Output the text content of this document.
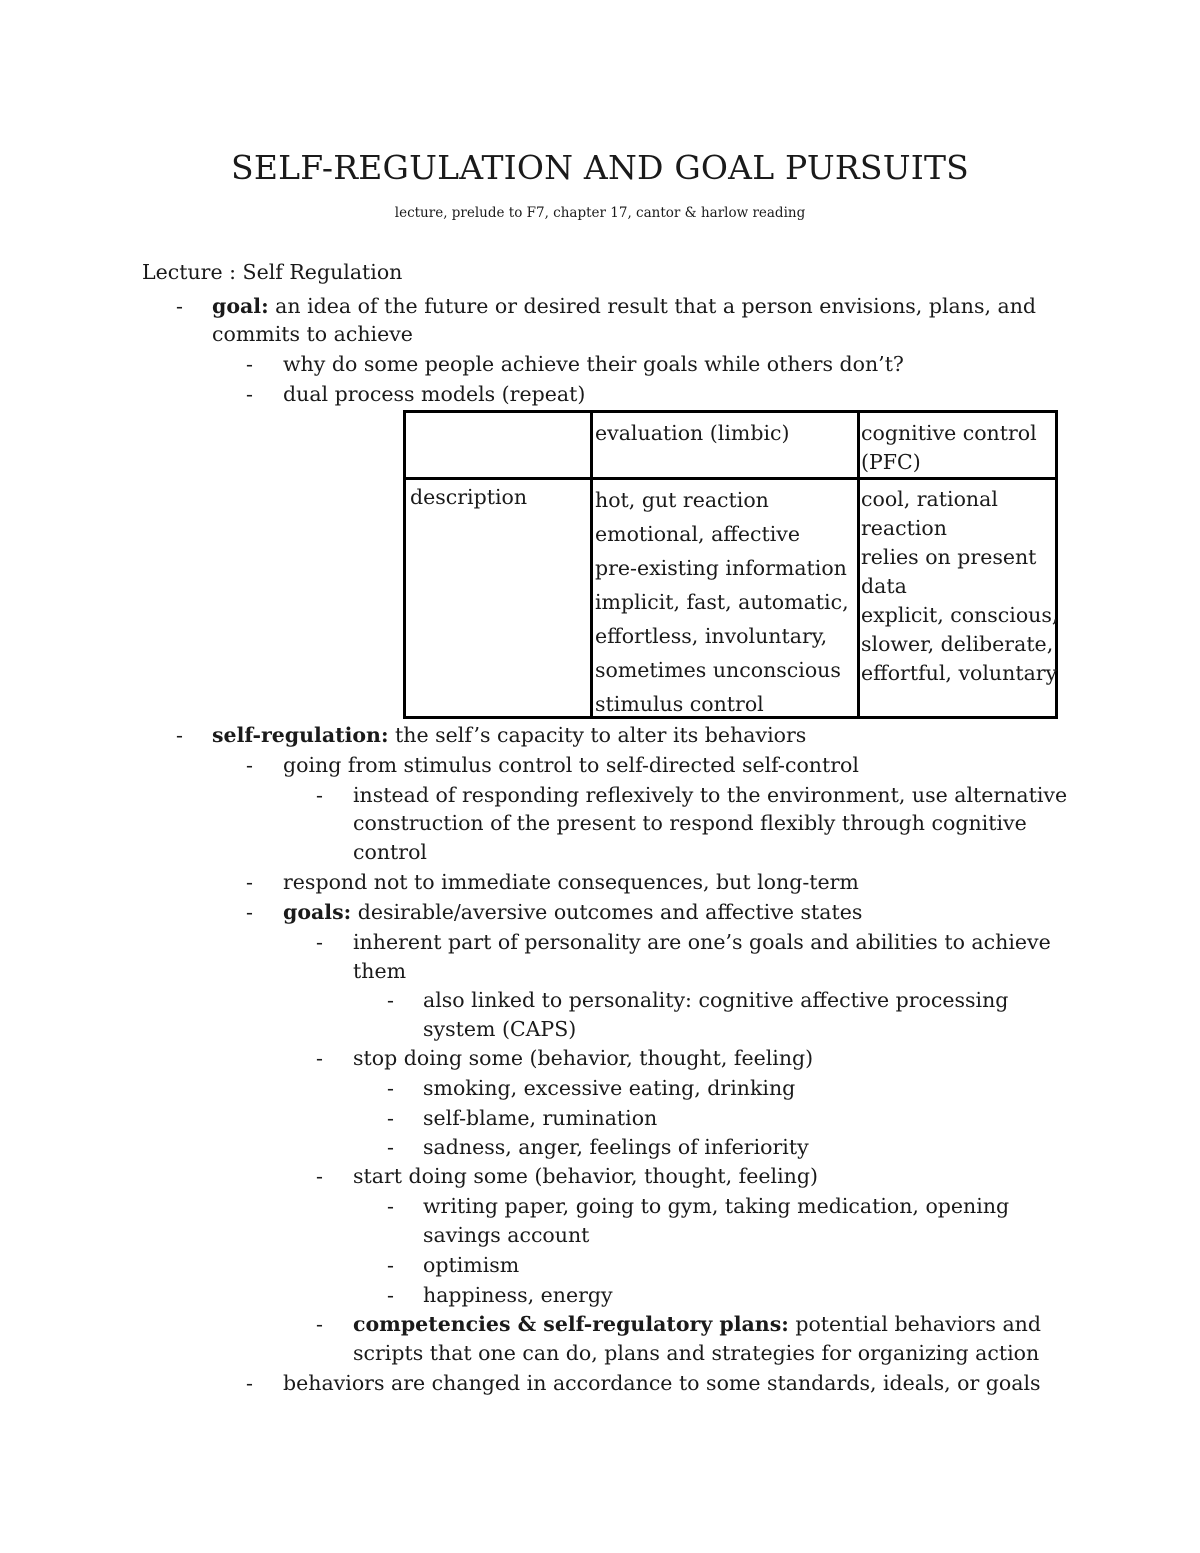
SELF-REGULATION AND GOAL PURSUITS
lecture, prelude to F7, chapter 17, cantor & harlow reading
Lecture : Self Regulation
- goal: an idea of the future or desired result that a person envisions, plans, and
commits to achieve
- why do some people achieve their goals while others don’t?
- dual process models (repeat)
evaluation (limbic)	cognitive control
(PFC)
description	hot, gut reaction
emotional, affective
pre-existing information
implicit, fast, automatic,
effortless, involuntary,
sometimes unconscious
stimulus control
cool, rational
reaction
relies on present
data
explicit, conscious,
slower, deliberate,
effortful, voluntary
- self-regulation: the self’s capacity to alter its behaviors
- going from stimulus control to self-directed self-control
- instead of responding reflexively to the environment, use alternative
construction of the present to respond flexibly through cognitive
control
- respond not to immediate consequences, but long-term
- goals: desirable/aversive outcomes and affective states
- inherent part of personality are one’s goals and abilities to achieve
them
- also linked to personality: cognitive affective processing
system (CAPS)
- stop doing some (behavior, thought, feeling)
- smoking, excessive eating, drinking
- self-blame, rumination
- sadness, anger, feelings of inferiority
- start doing some (behavior, thought, feeling)
- writing paper, going to gym, taking medication, opening
savings account
- optimism
- happiness, energy
- competencies & self-regulatory plans: potential behaviors and
scripts that one can do, plans and strategies for organizing action
- behaviors are changed in accordance to some standards, ideals, or goals
